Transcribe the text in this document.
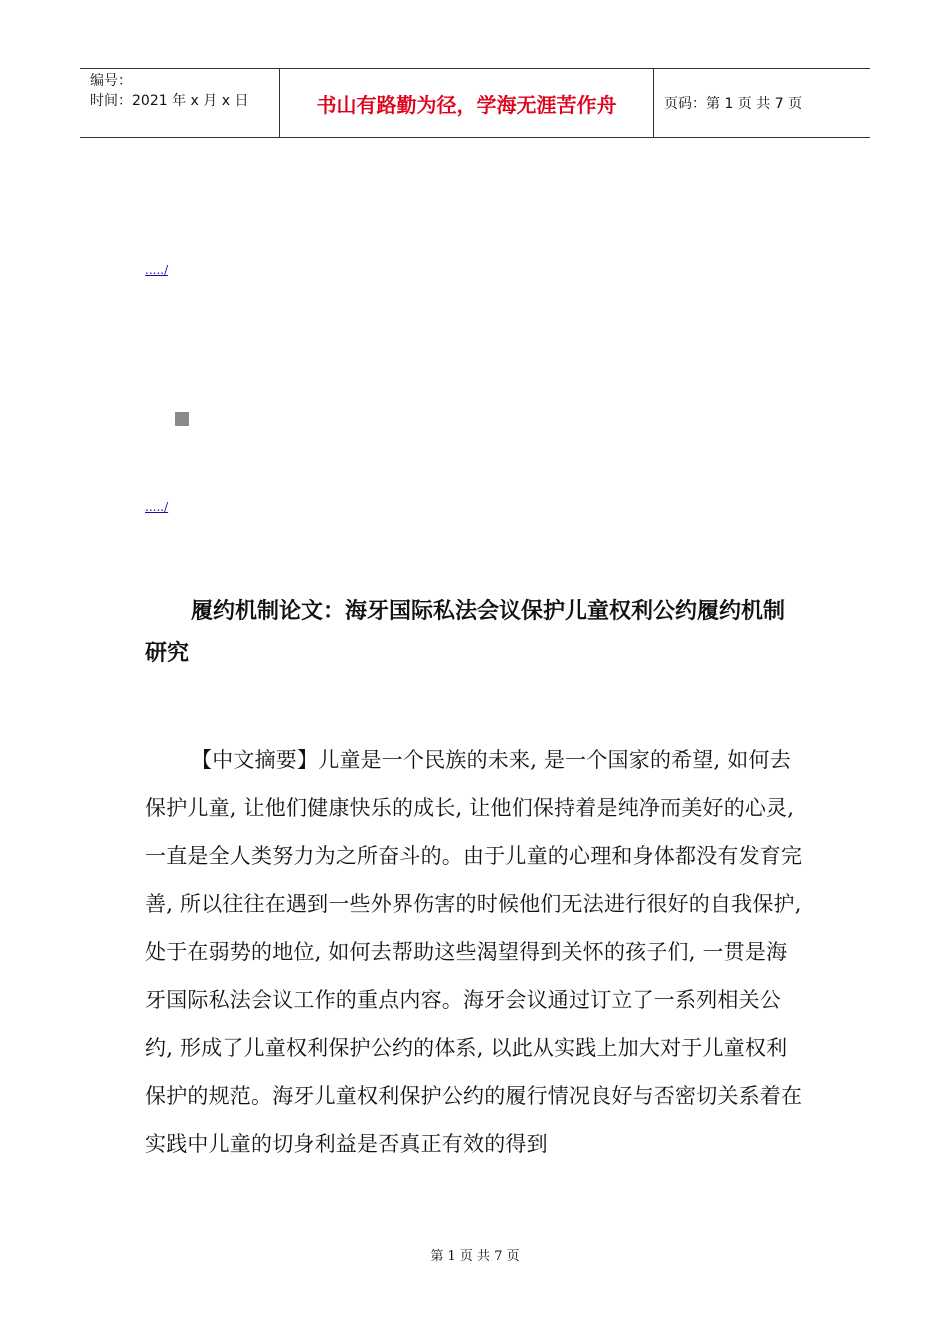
编号：
时间：2021 年 x 月 x 日	书山有路勤为径，学海无涯苦作舟	页码：第 1 页 共 7 页
...../
...../
履约机制论文：海牙国际私法会议保护儿童权利公约履约机制研究
【中文摘要】儿童是一个民族的未来, 是一个国家的希望, 如何去保护儿童, 让他们健康快乐的成长, 让他们保持着是纯净而美好的心灵, 一直是全人类努力为之所奋斗的。由于儿童的心理和身体都没有发育完善, 所以往往在遇到一些外界伤害的时候他们无法进行很好的自我保护, 处于在弱势的地位, 如何去帮助这些渴望得到关怀的孩子们, 一贯是海牙国际私法会议工作的重点内容。海牙会议通过订立了一系列相关公约, 形成了儿童权利保护公约的体系, 以此从实践上加大对于儿童权利保护的规范。海牙儿童权利保护公约的履行情况良好与否密切关系着在实践中儿童的切身利益是否真正有效的得到
第 1 页 共 7 页
